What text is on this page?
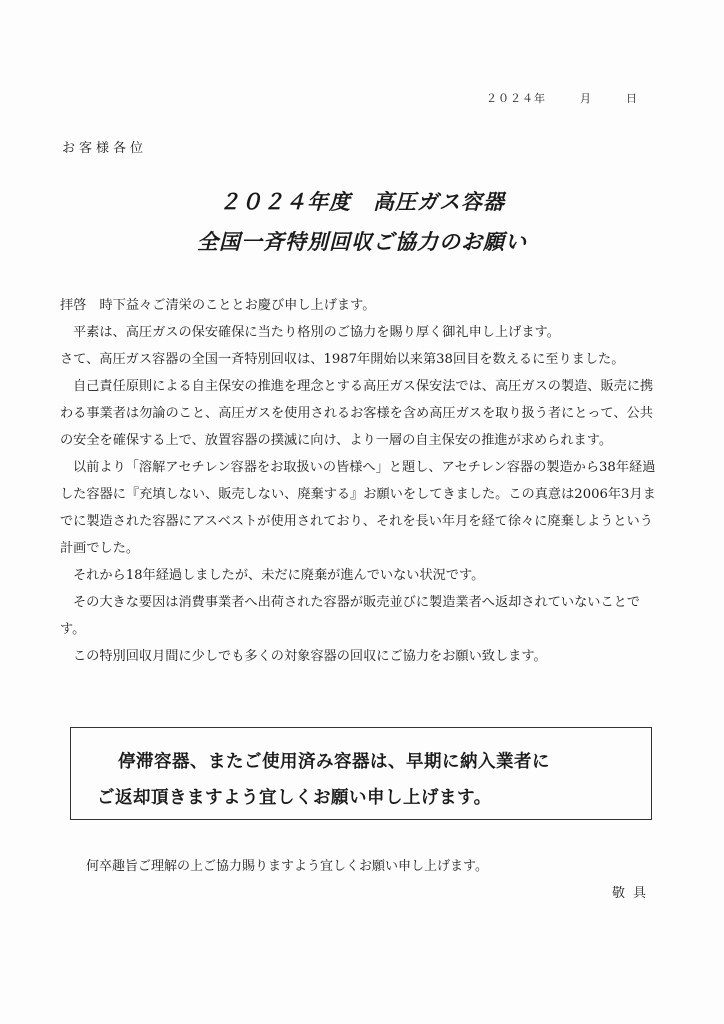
２０２４年	月	日
お客様各位
２０２４年度　高圧ガス容器
全国一斉特別回収ご協力のお願い

拝啓　時下益々ご清栄のこととお慶び申し上げます。

平素は、高圧ガスの保安確保に当たり格別のご協力を賜り厚く御礼申し上げます。

さて、高圧ガス容器の全国一斉特別回収は、1987年開始以来第38回目を数えるに至りました。

自己責任原則による自主保安の推進を理念とする高圧ガス保安法では、高圧ガスの製造、販売に携わる事業者は勿論のこと、高圧ガスを使用されるお客様を含め高圧ガスを取り扱う者にとって、公共の安全を確保する上で、放置容器の撲滅に向け、より一層の自主保安の推進が求められます。

以前より「溶解アセチレン容器をお取扱いの皆様へ」と題し、アセチレン容器の製造から38年経過した容器に『充填しない、販売しない、廃棄する』お願いをしてきました。この真意は2006年3月までに製造された容器にアスベストが使用されており、それを長い年月を経て徐々に廃棄しようという計画でした。

それから18年経過しましたが、未だに廃棄が進んでいない状況です。

その大きな要因は消費事業者へ出荷された容器が販売並びに製造業者へ返却されていないことです。

この特別回収月間に少しでも多くの対象容器の回収にご協力をお願い致します。

停滞容器、またご使用済み容器は、早期に納入業者に
ご返却頂きますよう宜しくお願い申し上げます。
何卒趣旨ご理解の上ご協力賜りますよう宜しくお願い申し上げます。
敬具
